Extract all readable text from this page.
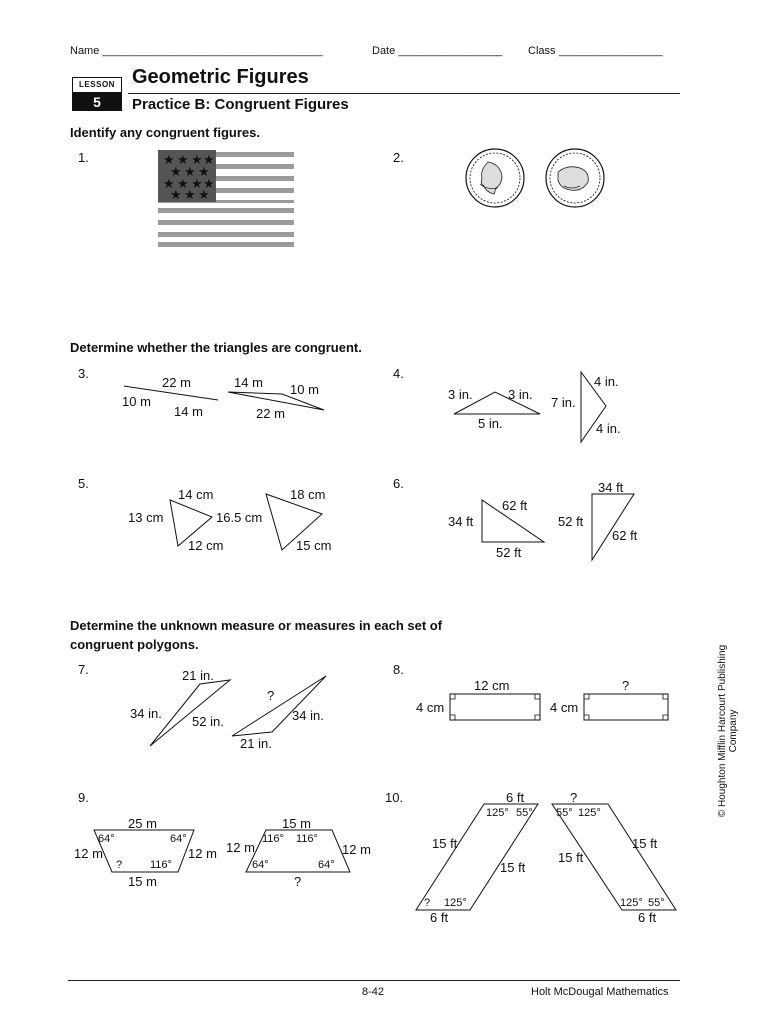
Name ____________________________________	Date _________________ Class _________________
LESSON
5
Geometric Figures
Practice B: Congruent Figures
Identify any congruent figures.
1.	2.
★ ★ ★ ★
★ ★ ★
★ ★ ★ ★
★ ★ ★
Determine whether the triangles are congruent.
3.	4.
22 m
10 m
14 m
14 m 10 m
22 m
3 in.	3 in.
5 in.
7 in.
4 in.
4 in.
5.	6.
14 cm
13 cm
12 cm
16.5 cm
18 cm
15 cm
62 ft
34 ft
52 ft
34 ft
52 ft
62 ft
Determine the unknown measure or measures in each set of
congruent polygons.
7.	8.
21 in.
34 in.
52 in.
?
34 in.
21 in.
12 cm
4 cm
?
4 cm
9.	10.
25 m
64°	64°
12 m	12 m
?	116°
15 m
15 m
116° 116°
12 m	12 m
64°	64°
?
6 ft
125° 55°
15 ft
15 ft
? 125°
6 ft
?
55° 125°
15 ft
15 ft
125° 55°
6 ft
© Houghton Mifflin Harcourt Publishing Company
8-42	Holt McDougal Mathematics
